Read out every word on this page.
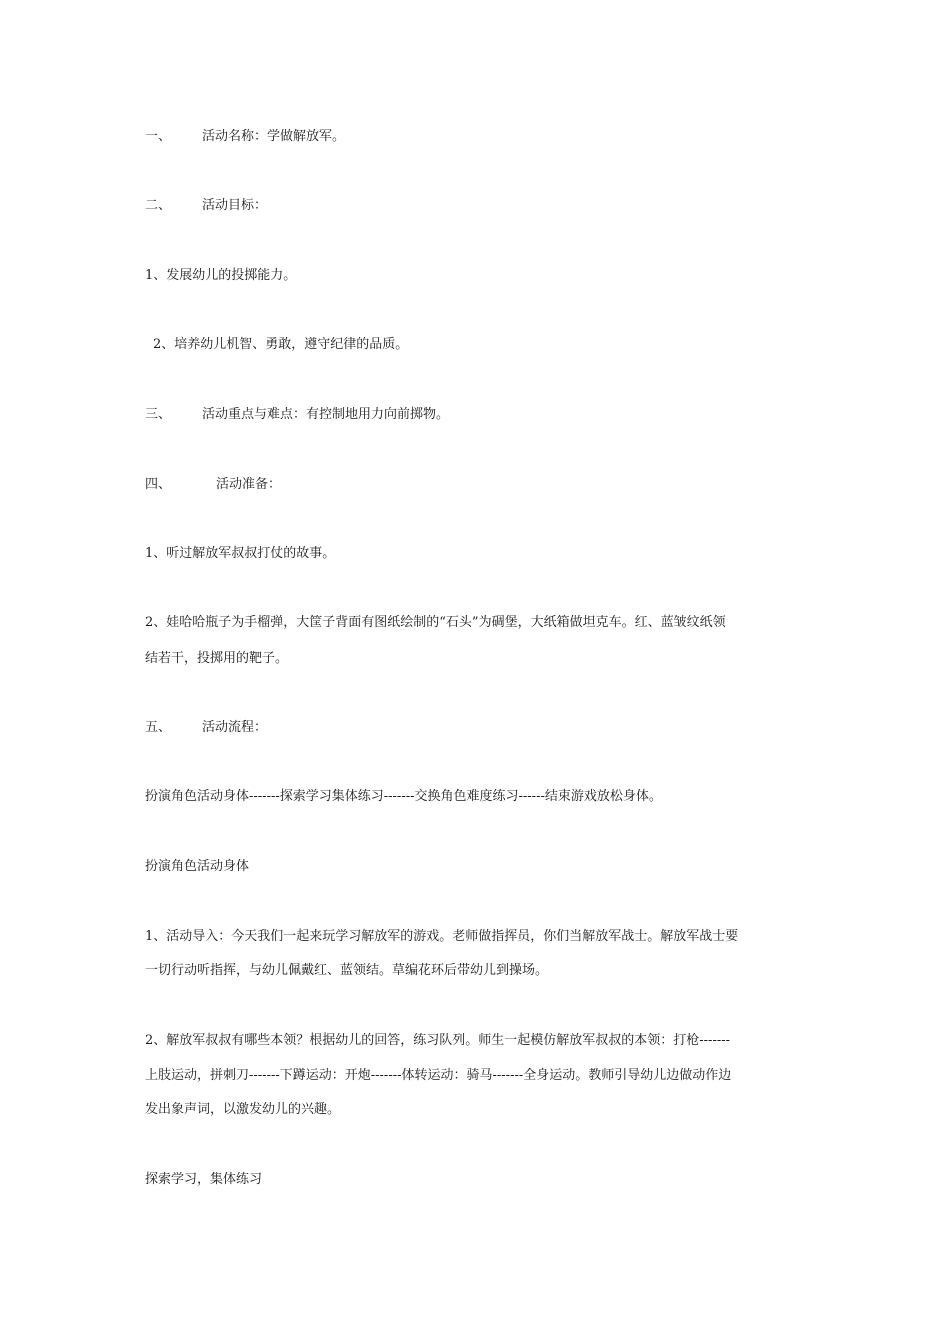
一、 活动名称：学做解放军。
二、 活动目标：
1、发展幼儿的投掷能力。
2、培养幼儿机智、勇敢，遵守纪律的品质。
三、 活动重点与难点：有控制地用力向前掷物。
四、	活动准备：
1、听过解放军叔叔打仗的故事。
2、娃哈哈瓶子为手榴弹，大筐子背面有图纸绘制的“石头”为碉堡，大纸箱做坦克车。红、蓝皱纹纸领
结若干，投掷用的靶子。
五、 活动流程：
扮演角色活动身体-------探索学习集体练习-------交换角色难度练习------结束游戏放松身体。
扮演角色活动身体
1、活动导入：今天我们一起来玩学习解放军的游戏。老师做指挥员，你们当解放军战士。解放军战士要
一切行动听指挥，与幼儿佩戴红、蓝领结。草编花环后带幼儿到操场。
2、解放军叔叔有哪些本领？根据幼儿的回答，练习队列。师生一起模仿解放军叔叔的本领：打枪-------
上肢运动，拼刺刀-------下蹲运动：开炮-------体转运动：骑马-------全身运动。教师引导幼儿边做动作边
发出象声词，以激发幼儿的兴趣。
探索学习，集体练习
